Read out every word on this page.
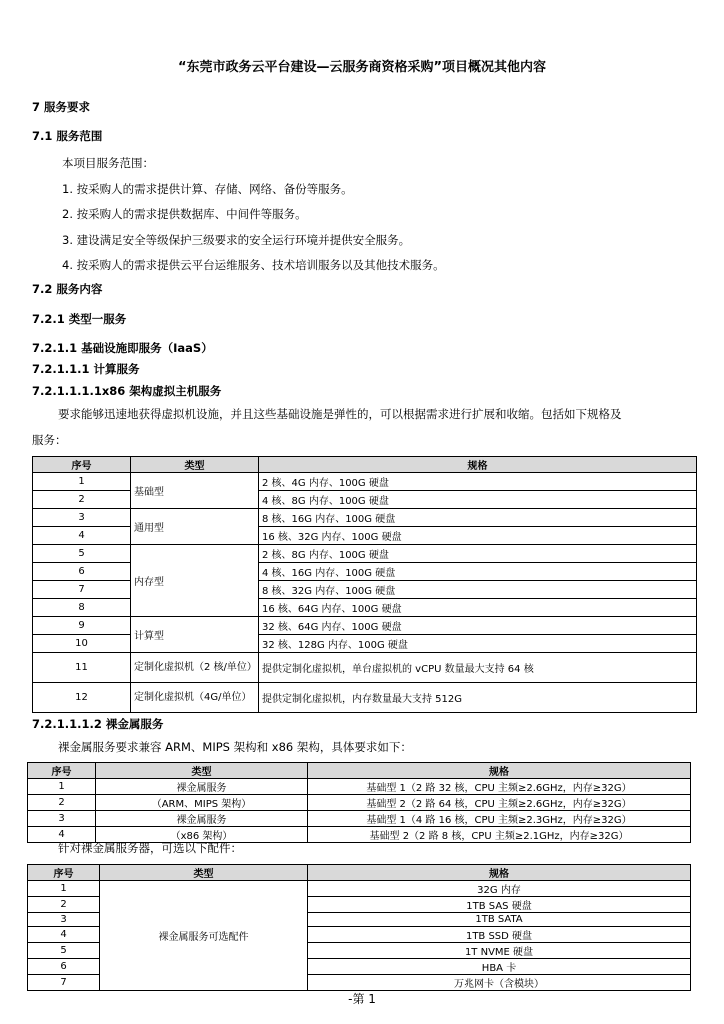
“东莞市政务云平台建设—云服务商资格采购”项目概况其他内容
7 服务要求
7.1 服务范围
本项目服务范围：
1. 按采购人的需求提供计算、存储、网络、备份等服务。
2. 按采购人的需求提供数据库、中间件等服务。
3. 建设满足安全等级保护三级要求的安全运行环境并提供安全服务。
4. 按采购人的需求提供云平台运维服务、技术培训服务以及其他技术服务。
7.2 服务内容
7.2.1 类型一服务
7.2.1.1 基础设施即服务（IaaS）
7.2.1.1.1 计算服务
7.2.1.1.1.1x86 架构虚拟主机服务
要求能够迅速地获得虚拟机设施，并且这些基础设施是弹性的，可以根据需求进行扩展和收缩。包括如下规格及
服务：
序号	类型	规格
1	基础型	2 核、4G 内存、100G 硬盘
2		4 核、8G 内存、100G 硬盘
3	通用型	8 核、16G 内存、100G 硬盘
4		16 核、32G 内存、100G 硬盘
5	内存型	2 核、8G 内存、100G 硬盘
6		4 核、16G 内存、100G 硬盘
7		8 核、32G 内存、100G 硬盘
8		16 核、64G 内存、100G 硬盘
9	计算型	32 核、64G 内存、100G 硬盘
10		32 核、128G 内存、100G 硬盘
11	定制化虚拟机（2 核/单位）	提供定制化虚拟机，单台虚拟机的 vCPU 数量最大支持 64 核
12	定制化虚拟机（4G/单位）	提供定制化虚拟机，内存数量最大支持 512G
7.2.1.1.1.2 裸金属服务
裸金属服务要求兼容 ARM、MIPS 架构和 x86 架构，具体要求如下：
序号	类型	规格
1	裸金属服务	基础型 1（2 路 32 核，CPU 主频≥2.6GHz，内存≥32G）
2	（ARM、MIPS 架构）	基础型 2（2 路 64 核，CPU 主频≥2.6GHz，内存≥32G）
3	裸金属服务	基础型 1（4 路 16 核，CPU 主频≥2.3GHz，内存≥32G）
4	（x86 架构）	基础型 2（2 路 8 核，CPU 主频≥2.1GHz，内存≥32G）
针对裸金属服务器，可选以下配件：
序号	类型	规格
1	裸金属服务可选配件	32G 内存
2		1TB SAS 硬盘
3		1TB SATA
4		1TB SSD 硬盘
5		1T NVME 硬盘
6		HBA 卡
7		万兆网卡（含模块）
-第 1
